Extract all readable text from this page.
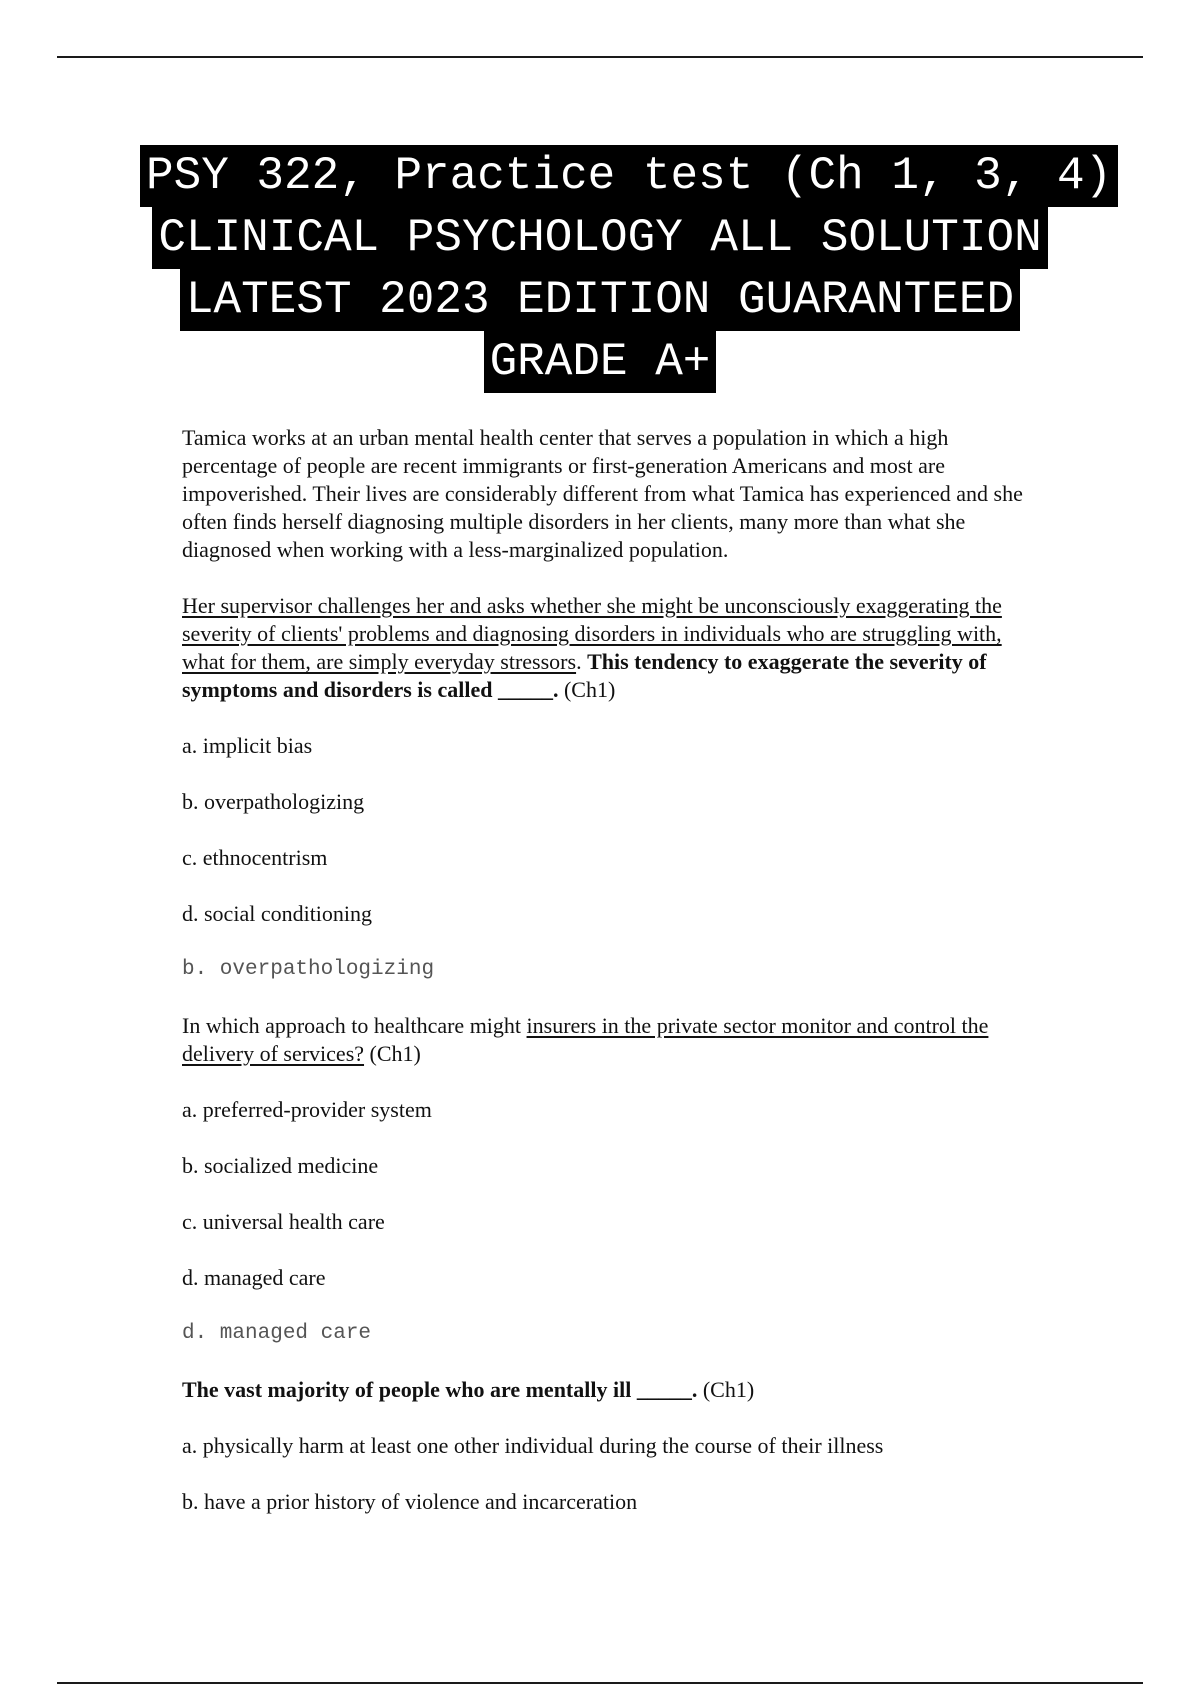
PSY 322, Practice test (Ch 1, 3, 4)
CLINICAL PSYCHOLOGY ALL SOLUTION
LATEST 2023 EDITION GUARANTEED
GRADE A+

Tamica works at an urban mental health center that serves a population in which a high percentage of people are recent immigrants or first-generation Americans and most are impoverished. Their lives are considerably different from what Tamica has experienced and she often finds herself diagnosing multiple disorders in her clients, many more than what she diagnosed when working with a less-marginalized population.

Her supervisor challenges her and asks whether she might be unconsciously exaggerating the severity of clients' problems and diagnosing disorders in individuals who are struggling with, what for them, are simply everyday stressors. This tendency to exaggerate the severity of symptoms and disorders is called _____. (Ch1)

a. implicit bias
b. overpathologizing
c. ethnocentrism
d. social conditioning
b. overpathologizing

In which approach to healthcare might insurers in the private sector monitor and control the delivery of services? (Ch1)

a. preferred-provider system
b. socialized medicine
c. universal health care
d. managed care
d. managed care

The vast majority of people who are mentally ill _____. (Ch1)

a. physically harm at least one other individual during the course of their illness
b. have a prior history of violence and incarceration
